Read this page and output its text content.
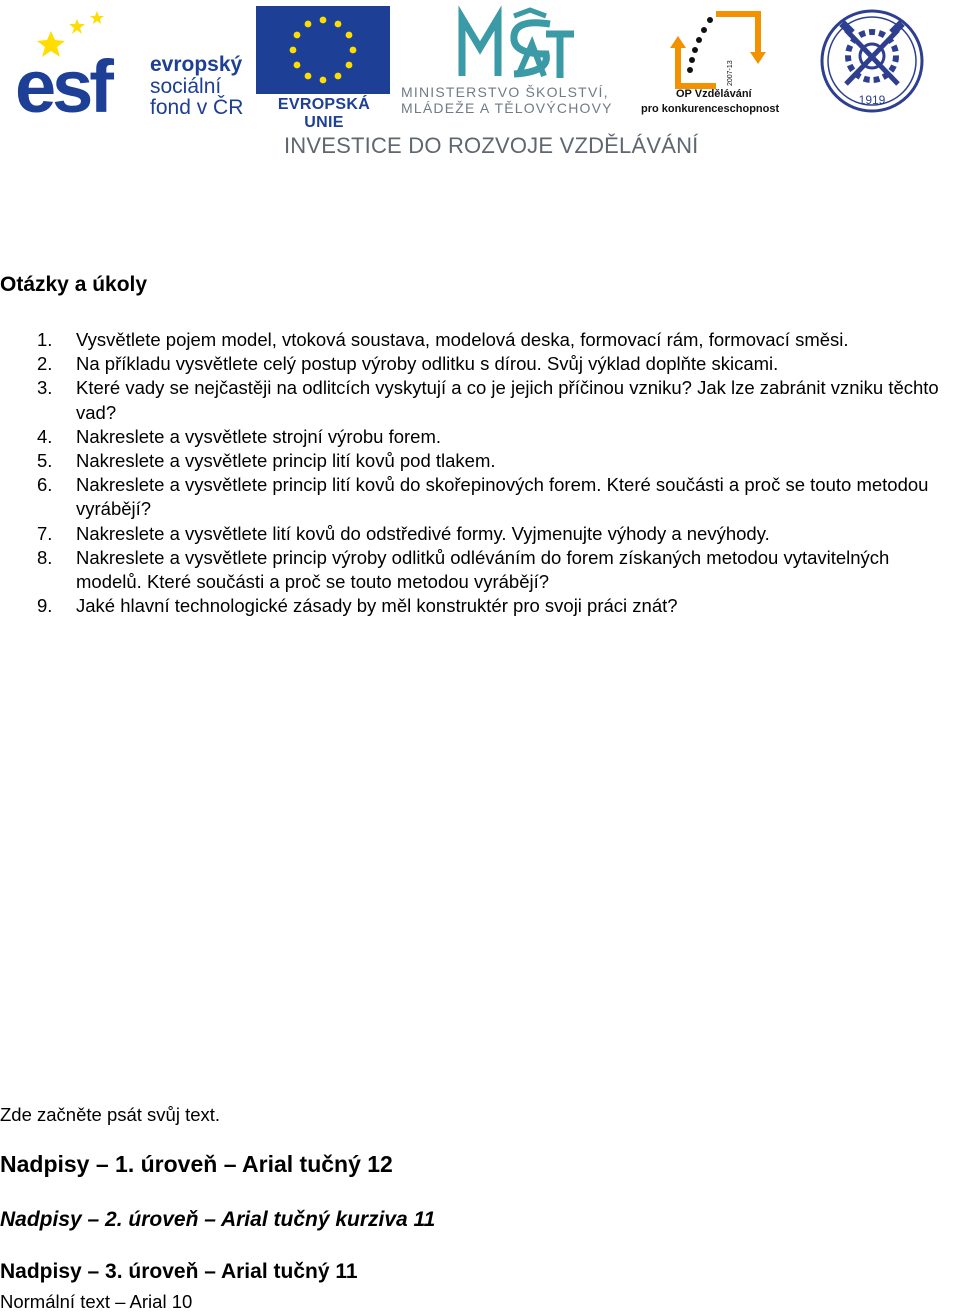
esf evropský
sociální
fond v ČR	EVROPSKÁ UNIE
MINISTERSTVO ŠKOLSTVÍ,
MLÁDEŽE A TĚLOVÝCHOVY
2007-13
OP Vzdělávání
pro konkurenceschopnost
1919
INVESTICE DO ROZVOJE VZDĚLÁVÁNÍ
Otázky a úkoly
1. Vysvětlete pojem model, vtoková soustava, modelová deska, formovací rám, formovací směsi.
2. Na příkladu vysvětlete celý postup výroby odlitku s dírou. Svůj výklad doplňte skicami.
3. Které vady se nejčastěji na odlitcích vyskytují a co je jejich příčinou vzniku? Jak lze zabránit vzniku těchto vad?
4. Nakreslete a vysvětlete strojní výrobu forem.
5. Nakreslete a vysvětlete princip lití kovů pod tlakem.
6. Nakreslete a vysvětlete princip lití kovů do skořepinových forem. Které součásti a proč se touto metodou vyrábějí?
7. Nakreslete a vysvětlete lití kovů do odstředivé formy. Vyjmenujte výhody a nevýhody.
8. Nakreslete a vysvětlete princip výroby odlitků odléváním do forem získaných metodou vytavitelných modelů. Které součásti a proč se touto metodou vyrábějí?
9. Jaké hlavní technologické zásady by měl konstruktér pro svoji práci znát?
Zde začněte psát svůj text.
Nadpisy – 1. úroveň – Arial tučný 12
Nadpisy – 2. úroveň – Arial tučný kurziva 11
Nadpisy – 3. úroveň – Arial tučný 11
Normální text – Arial 10
